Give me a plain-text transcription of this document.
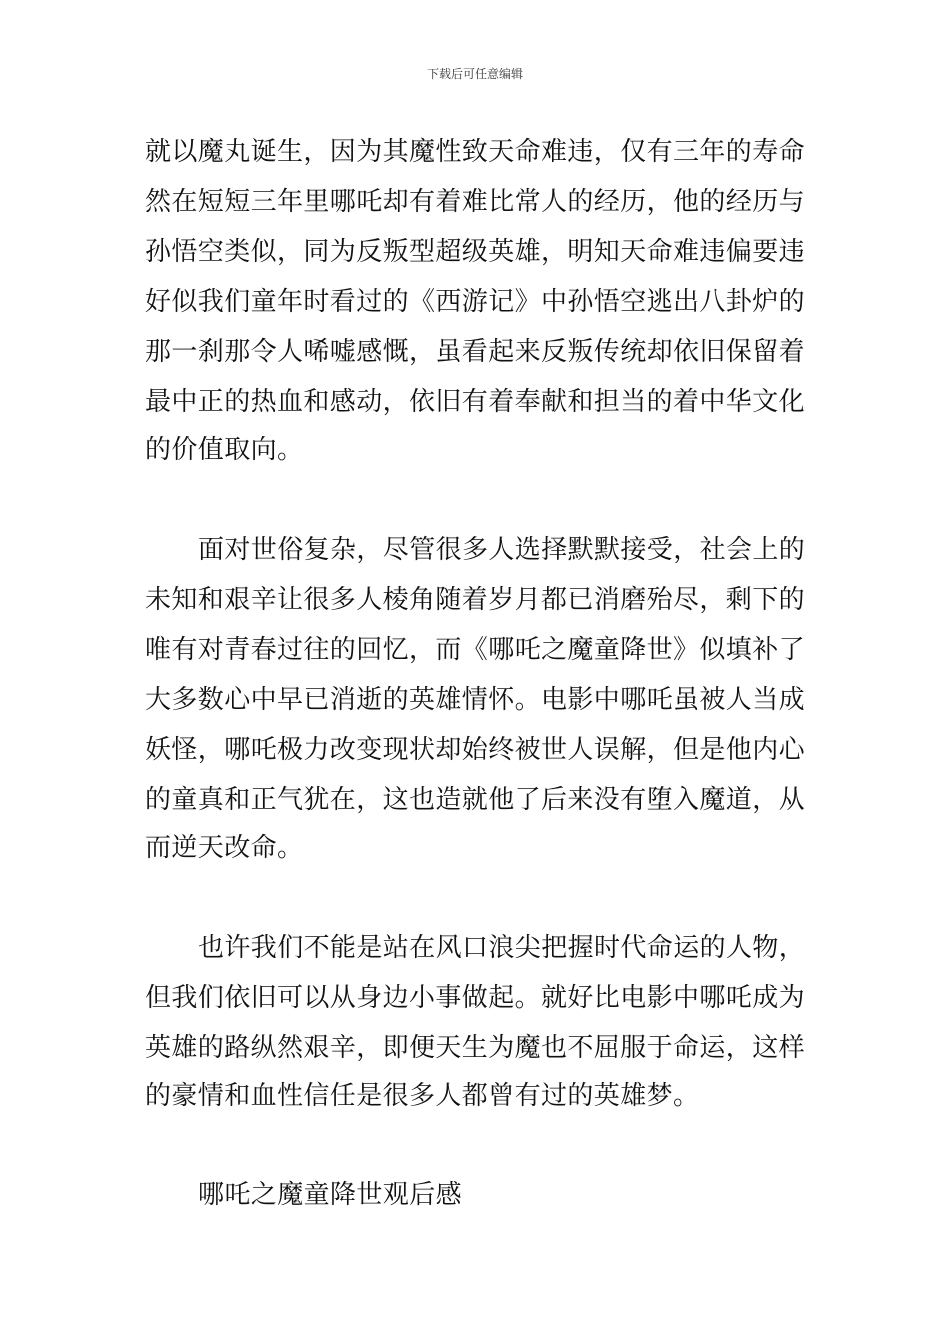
下载后可任意编辑
就以魔丸诞生，因为其魔性致天命难违，仅有三年的寿命
然在短短三年里哪吒却有着难比常人的经历，他的经历与
孙悟空类似，同为反叛型超级英雄，明知天命难违偏要违
好似我们童年时看过的《西游记》中孙悟空逃出八卦炉的
那一刹那令人唏嘘感慨，虽看起来反叛传统却依旧保留着
最中正的热血和感动，依旧有着奉献和担当的着中华文化
的价值取向。
面对世俗复杂，尽管很多人选择默默接受，社会上的
未知和艰辛让很多人棱角随着岁月都已消磨殆尽，剩下的
唯有对青春过往的回忆，而《哪吒之魔童降世》似填补了
大多数心中早已消逝的英雄情怀。电影中哪吒虽被人当成
妖怪，哪吒极力改变现状却始终被世人误解，但是他内心
的童真和正气犹在，这也造就他了后来没有堕入魔道，从
而逆天改命。
也许我们不能是站在风口浪尖把握时代命运的人物，
但我们依旧可以从身边小事做起。就好比电影中哪吒成为
英雄的路纵然艰辛，即便天生为魔也不屈服于命运，这样
的豪情和血性信任是很多人都曾有过的英雄梦。
哪吒之魔童降世观后感
